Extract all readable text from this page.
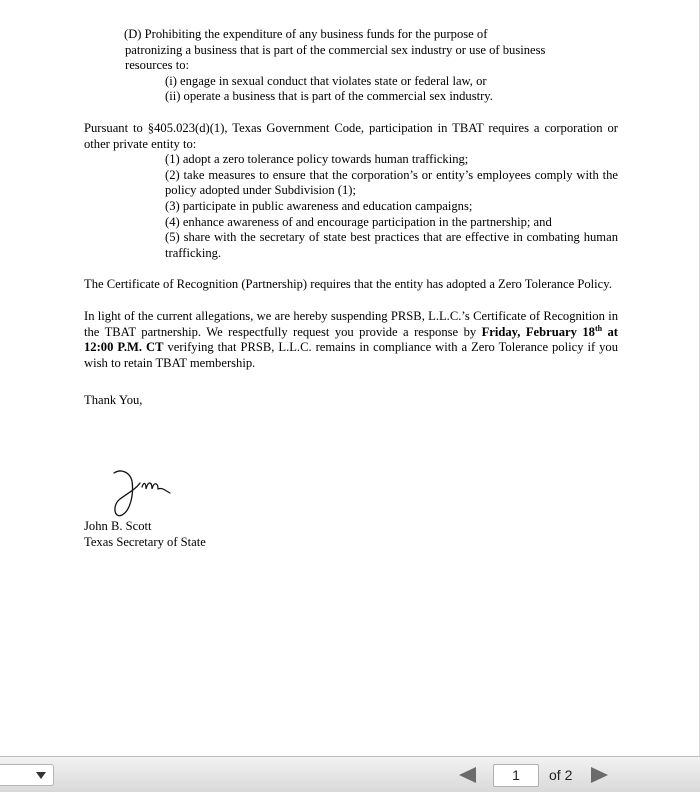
(D) Prohibiting the expenditure of any business funds for the purpose of

patronizing a business that is part of the commercial sex industry or use of business

resources to:

(i) engage in sexual conduct that violates state or federal law, or

(ii) operate a business that is part of the commercial sex industry.

Pursuant to §405.023(d)(1), Texas Government Code, participation in TBAT requires a corporation or other private entity to:

(1) adopt a zero tolerance policy towards human trafficking;

(2) take measures to ensure that the corporation’s or entity’s employees comply with the policy adopted under Subdivision (1);

(3) participate in public awareness and education campaigns;

(4) enhance awareness of and encourage participation in the partnership; and

(5) share with the secretary of state best practices that are effective in combating human trafficking.

The Certificate of Recognition (Partnership) requires that the entity has adopted a Zero Tolerance Policy.

In light of the current allegations, we are hereby suspending PRSB, L.L.C.’s Certificate of Recognition in the TBAT partnership. We respectfully request you provide a response by Friday, February 18th at 12:00 P.M. CT verifying that PRSB, L.L.C. remains in compliance with a Zero Tolerance policy if you wish to retain TBAT membership.

Thank You,

John B. Scott
Texas Secretary of State
1	of 2
